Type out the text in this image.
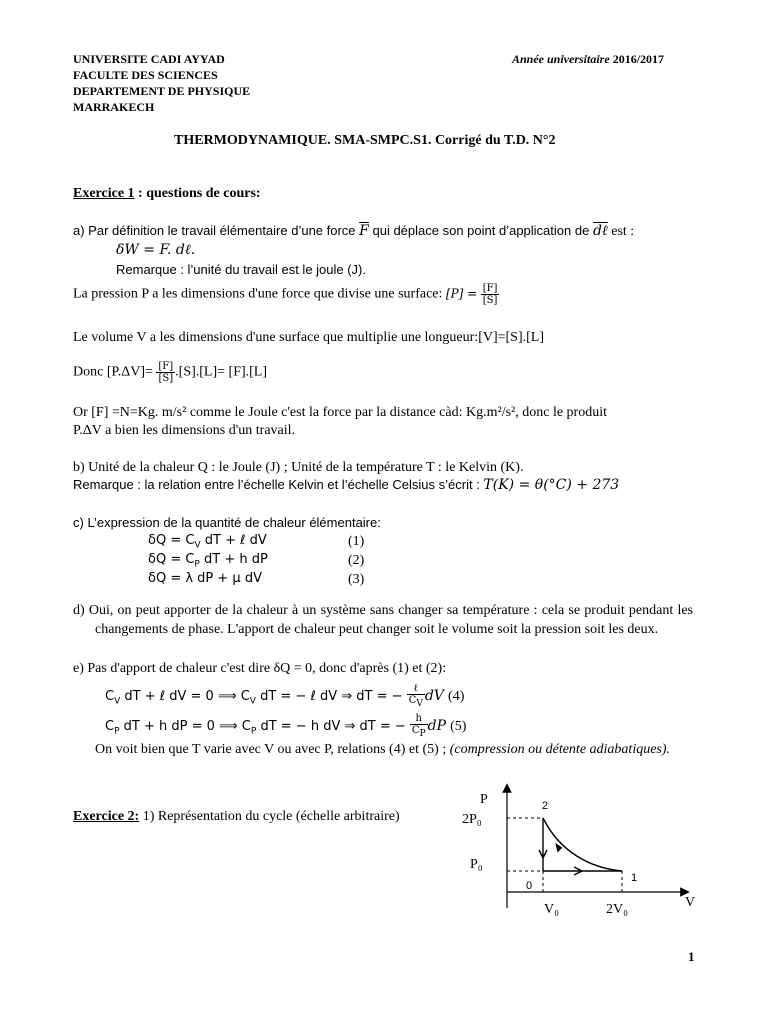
UNIVERSITE CADI AYYAD
FACULTE DES SCIENCES
DEPARTEMENT DE PHYSIQUE
MARRAKECH
Année universitaire 2016/2017
THERMODYNAMIQUE. SMA-SMPC.S1. Corrigé du T.D. N°2
Exercice 1 : questions de cours:
a) Par définition le travail élémentaire d’une force $\overline{F}$ qui déplace son point d’application de dℓ est :
δW = F. dℓ.
Remarque : l’unité du travail est le joule (J).
La pression P a les dimensions d'une force que divise une surface: $[P] = \frac{[F]}{[S]}$
Le volume V a les dimensions d'une surface que multiplie une longueur:[V]=[S].[L]
Donc $[P.\Delta V]= \frac{[F]}{[S]} .[S].[L]= [F].[L]$
Or [F] =N=Kg. m/s² comme le Joule c'est la force par la distance càd: Kg.m²/s², donc le produit
P.ΔV a bien les dimensions d'un travail.
b) Unité de la chaleur Q : le Joule (J) ; Unité de la température T : le Kelvin (K).
Remarque : la relation entre l’échelle Kelvin et l’échelle Celsius s’écrit : T(K) = θ(°C) + 273
c) L’expression de la quantité de chaleur élémentaire:
$\delta Q = C_V$ dT + ℓ dV	(1)
$\delta Q = C_P$ dT + h dP	(2)
δQ = λ dP + μ dV	(3)
d) Oui, on peut apporter de la chaleur à un système sans changer sa température : cela se produit pendant les changements de phase. L'apport de chaleur peut changer soit le volume soit la pression soit les deux.
e) Pas d'apport de chaleur c'est dire δQ = 0, donc d'après (1) et (2):
$C_V$ dT + ℓ dV = 0 ⟹ $C_V$ dT = − ℓ dV ⇒ dT = − $\frac{\text{ℓ}}{C_V}$ dV (4)
$C_P$ dT + h dP = 0 ⟹ $C_P$ dT = − h dV ⇒ dT = − $\frac{h}{C_P}$ dP (5)
On voit bien que T varie avec V ou avec P, relations (4) et (5) ; (compression ou détente adiabatiques).
Exercice 2: 1) Représentation du cycle (échelle arbitraire)
P
V
2P₀
P₀
V₀	2V₀
0
1
2
1
